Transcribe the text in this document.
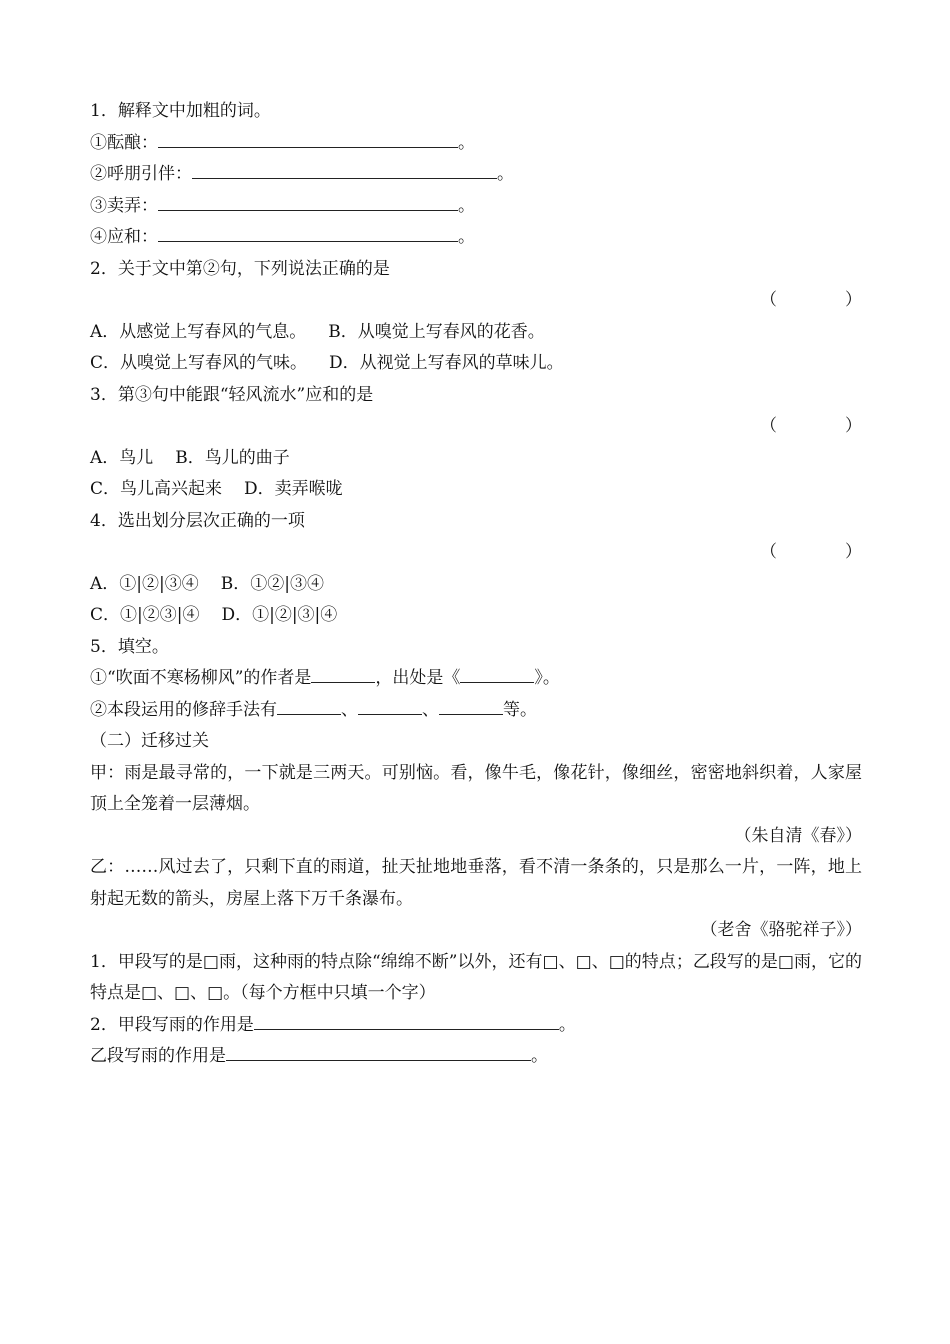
1．解释文中加粗的词。
①酝酿：	。
②呼朋引伴：	。
③卖弄：	。
④应和：	。
2．关于文中第②句，下列说法正确的是
（　　　　）
A．从感觉上写春风的气息。 B．从嗅觉上写春风的花香。
C．从嗅觉上写春风的气味。 D．从视觉上写春风的草味儿。
3．第③句中能跟“轻风流水”应和的是
（　　　　）
A．鸟儿 B．鸟儿的曲子
C．鸟儿高兴起来 D．卖弄喉咙
4．选出划分层次正确的一项
（　　　　）
A．①|②|③④ B．①②|③④
C．①|②③|④ D．①|②|③|④
5．填空。
①“吹面不寒杨柳风”的作者是	，出处是《	》。
②本段运用的修辞手法有	、	、	等。
（二）迁移过关
甲：雨是最寻常的，一下就是三两天。可别恼。看，像牛毛，像花针，像细丝，密密地斜织着，人家屋顶上全笼着一层薄烟。
（朱自清《春》）
乙：……风过去了，只剩下直的雨道，扯天扯地地垂落，看不清一条条的，只是那么一片，一阵，地上射起无数的箭头，房屋上落下万千条瀑布。
（老舍《骆驼祥子》）
1．甲段写的是□雨，这种雨的特点除“绵绵不断”以外，还有□、□、□的特点；乙段写的是□雨，它的特点是□、□、□。（每个方框中只填一个字）
2．甲段写雨的作用是	。
乙段写雨的作用是	。
